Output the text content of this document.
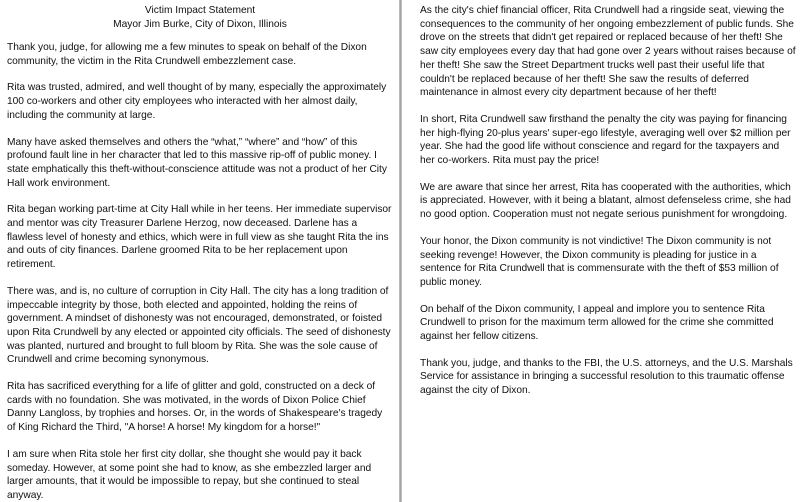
Victim Impact Statement

Mayor Jim Burke, City of Dixon, Illinois

Thank you, judge, for allowing me a few minutes to speak on behalf of the Dixon community, the victim in the Rita Crundwell embezzlement case.

Rita was trusted, admired, and well thought of by many, especially the approximately 100 co-workers and other city employees who interacted with her almost daily, including the community at large.

Many have asked themselves and others the “what,” “where” and “how” of this profound fault line in her character that led to this massive rip-off of public money. I state emphatically this theft-without-conscience attitude was not a product of her City Hall work environment.

Rita began working part-time at City Hall while in her teens. Her immediate supervisor and mentor was city Treasurer Darlene Herzog, now deceased. Darlene has a flawless level of honesty and ethics, which were in full view as she taught Rita the ins and outs of city finances. Darlene groomed Rita to be her replacement upon retirement.

There was, and is, no culture of corruption in City Hall. The city has a long tradition of impeccable integrity by those, both elected and appointed, holding the reins of government. A mindset of dishonesty was not encouraged, demonstrated, or foisted upon Rita Crundwell by any elected or appointed city officials. The seed of dishonesty was planted, nurtured and brought to full bloom by Rita. She was the sole cause of Crundwell and crime becoming synonymous.

Rita has sacrificed everything for a life of glitter and gold, constructed on a deck of cards with no foundation. She was motivated, in the words of Dixon Police Chief Danny Langloss, by trophies and horses. Or, in the words of Shakespeare's tragedy of King Richard the Third, "A horse! A horse! My kingdom for a horse!"

I am sure when Rita stole her first city dollar, she thought she would pay it back someday. However, at some point she had to know, as she embezzled larger and larger amounts, that it would be impossible to repay, but she continued to steal anyway.

As the city's chief financial officer, Rita Crundwell had a ringside seat, viewing the consequences to the community of her ongoing embezzlement of public funds. She drove on the streets that didn't get repaired or replaced because of her theft! She saw city employees every day that had gone over 2 years without raises because of her theft! She saw the Street Department trucks well past their useful life that couldn't be replaced because of her theft! She saw the results of deferred maintenance in almost every city department because of her theft!

In short, Rita Crundwell saw firsthand the penalty the city was paying for financing her high-flying 20-plus years' super-ego lifestyle, averaging well over $2 million per year. She had the good life without conscience and regard for the taxpayers and her co-workers. Rita must pay the price!

We are aware that since her arrest, Rita has cooperated with the authorities, which is appreciated. However, with it being a blatant, almost defenseless crime, she had no good option. Cooperation must not negate serious punishment for wrongdoing.

Your honor, the Dixon community is not vindictive! The Dixon community is not seeking revenge! However, the Dixon community is pleading for justice in a sentence for Rita Crundwell that is commensurate with the theft of $53 million of public money.

On behalf of the Dixon community, I appeal and implore you to sentence Rita Crundwell to prison for the maximum term allowed for the crime she committed against her fellow citizens.

Thank you, judge, and thanks to the FBI, the U.S. attorneys, and the U.S. Marshals Service for assistance in bringing a successful resolution to this traumatic offense against the city of Dixon.
